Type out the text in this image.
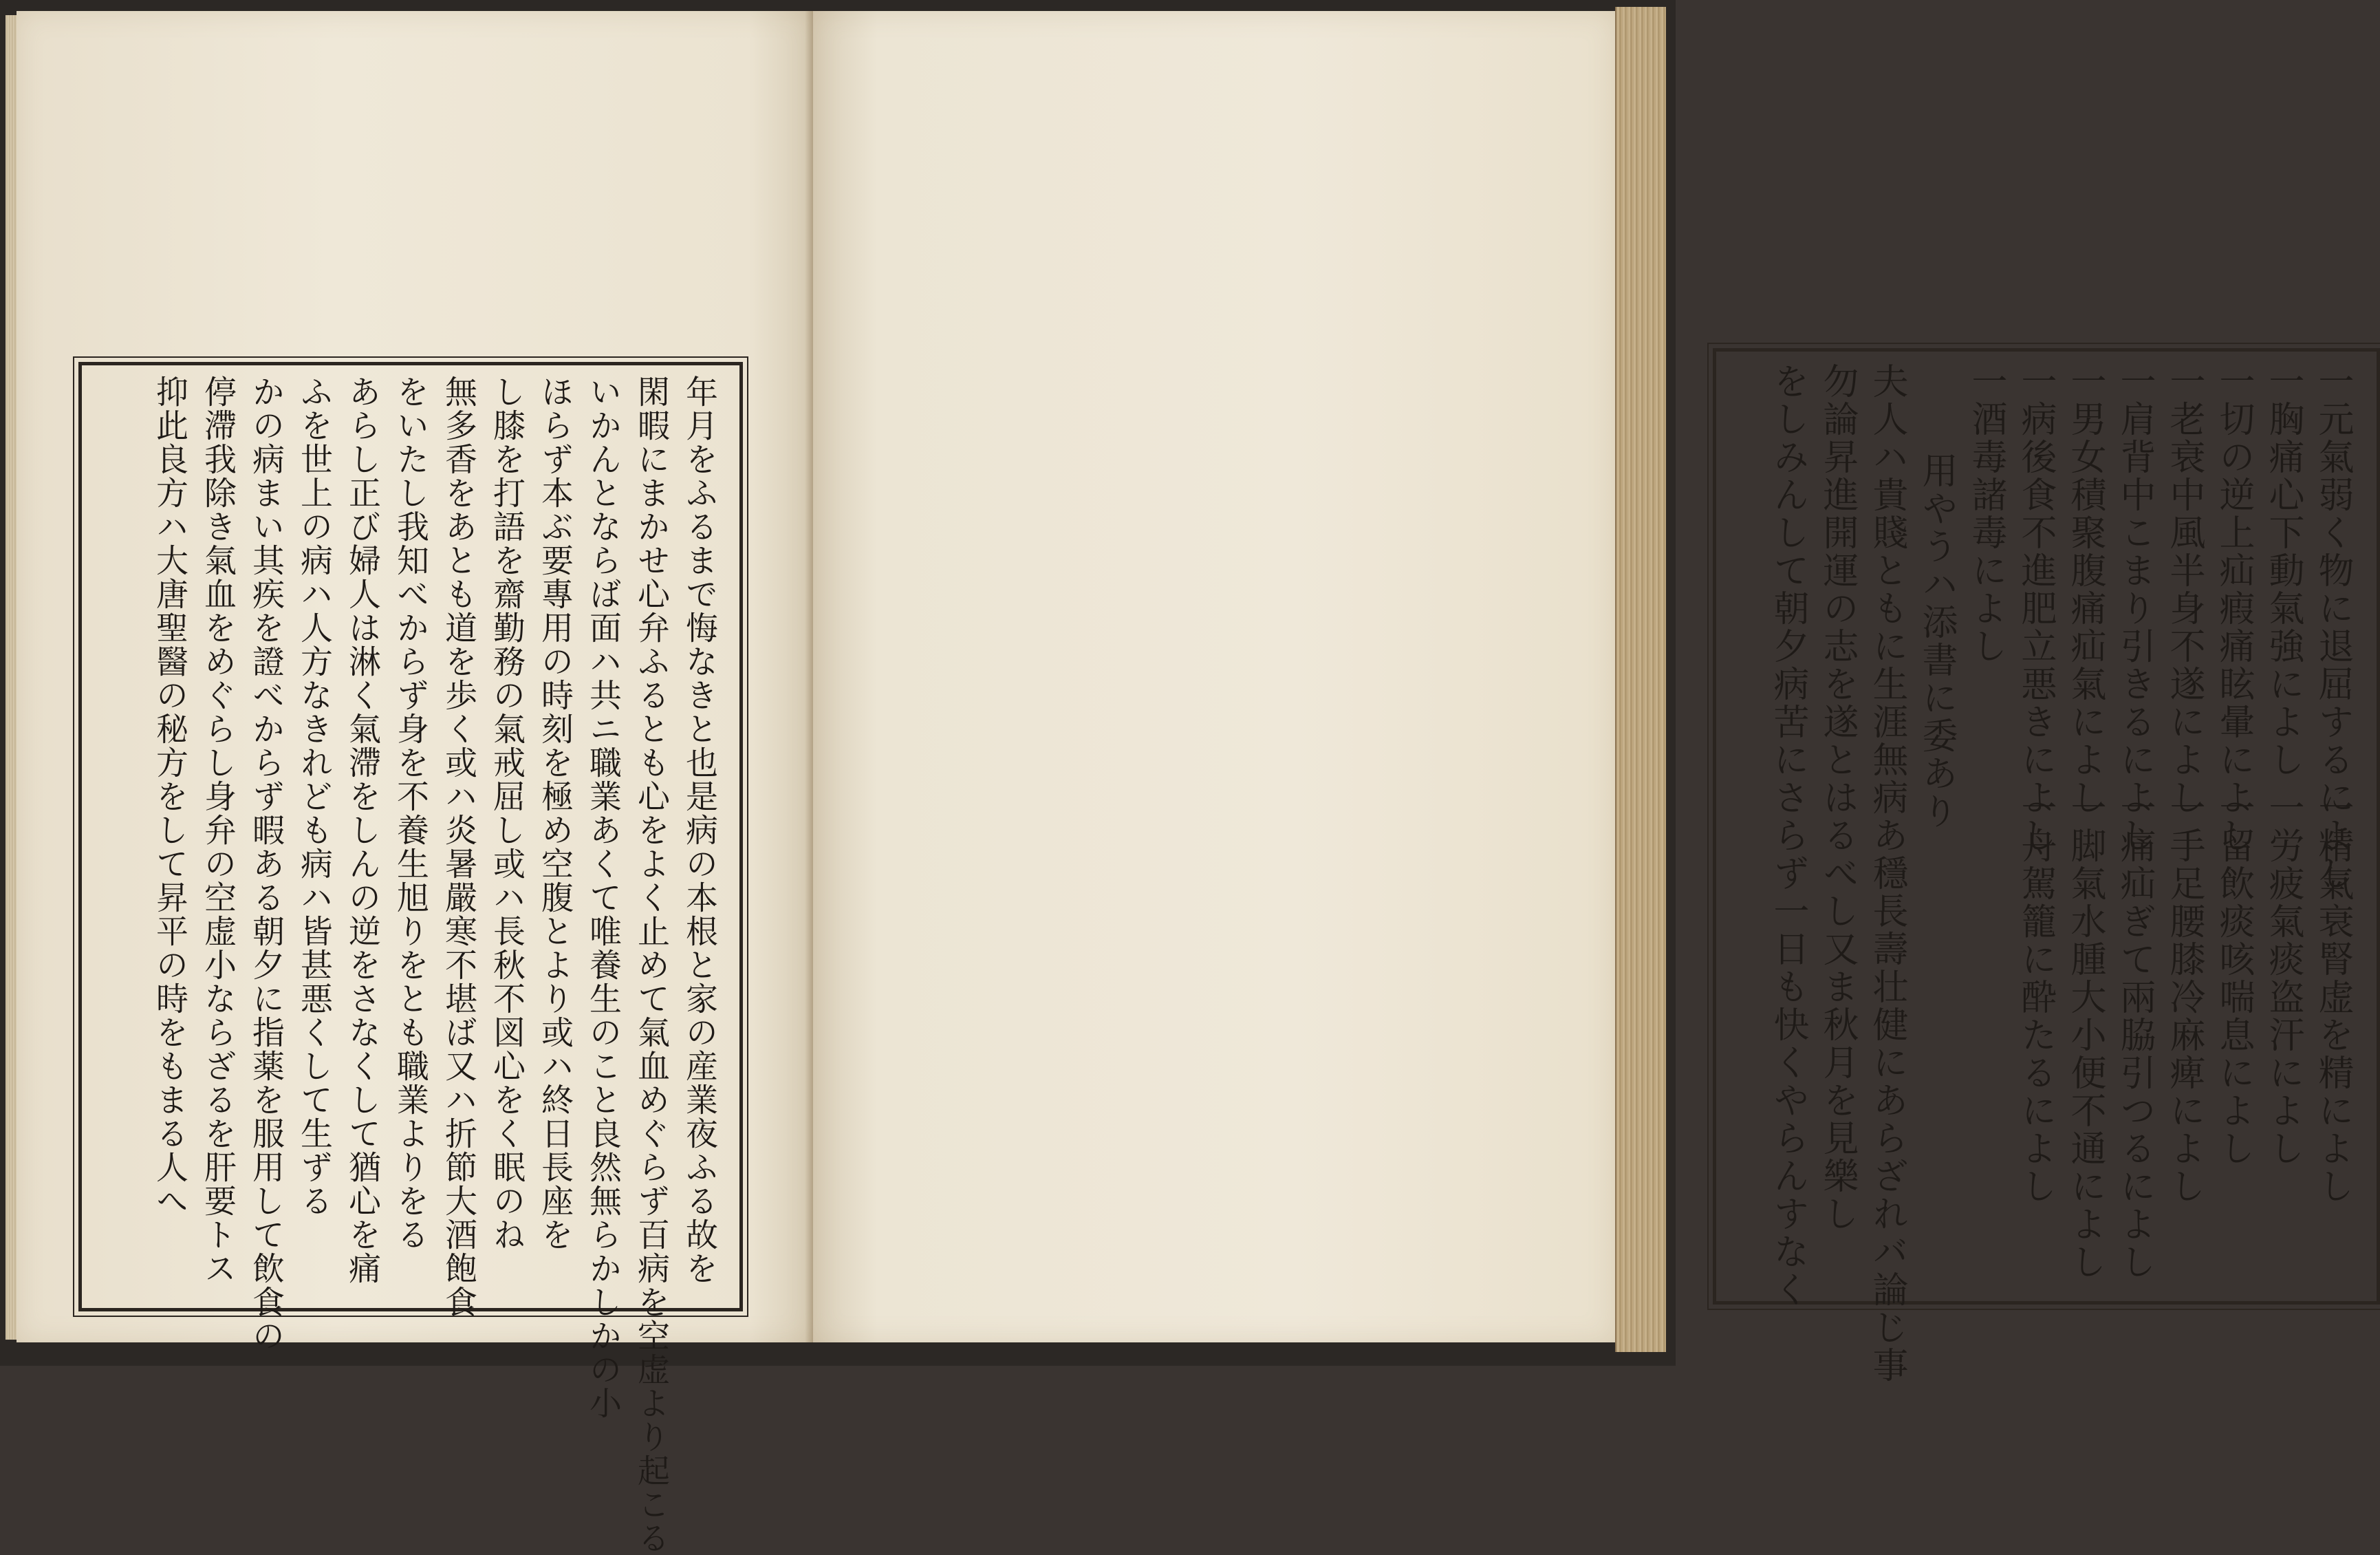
年月をふるまで悔なきと也是病の本根と家の産業夜ふる故を
閑暇にまかせ心弁ふるとも心をよく止めて氣血めぐらず百病を空虚より起こる
いかんとならば面ハ共ニ職業あくて唯養生のこと良然無らかしかの小
ほらず本ぶ要專用の時刻を極め空腹とより或ハ終日長座を
し膝を打語を齋勤務の氣戒屈し或ハ長秋不図心をく眠のね
無多香をあとも道を歩く或ハ炎暑嚴寒不堪ば又ハ折節大酒飽食
をいたし我知べからず身を不養生旭りをとも職業よりをる
あらし正び婦人は淋く氣滯をしんの逆をさなくして猶心を痛
ふを世上の病ハ人方なきれども病ハ皆甚悪くして生ずる
かの病まい其疾を證べからず暇ある朝夕に指薬を服用して飲食の
停滯我除き氣血をめぐらし身弁の空虚小ならざるを肝要トス
抑此良方ハ大唐聖醫の秘方をして昇平の時をもまる人へ	一元氣弱く物に退屈するによし一精氣衰腎虚を精によし
一胸痛心下動氣強によし一労疲氣痰盗汗によし
一切の逆上疝瘕痛眩暈によし一留飲痰咳喘息によし
一老衰中風半身不遂によし一手足腰膝冷麻痺によし
一肩背中こまり引きるによし一痛疝ぎて兩脇引つるによし
一男女積聚腹痛疝氣によし一脚氣水腫大小便不通によし
一病後食不進肥立悪きによし一舟駕籠に酔たるによし
一酒毒諸毒によし
用やうハ添書に委あり
夫人ハ貴賤ともに生涯無病あ穩長壽壮健にあらざれバ論じ事
勿論昇進開運の志を遂とはるべし又ま秋月を見樂し
をしみんして朝夕病苦にさらず一日も快くやらんすなく
